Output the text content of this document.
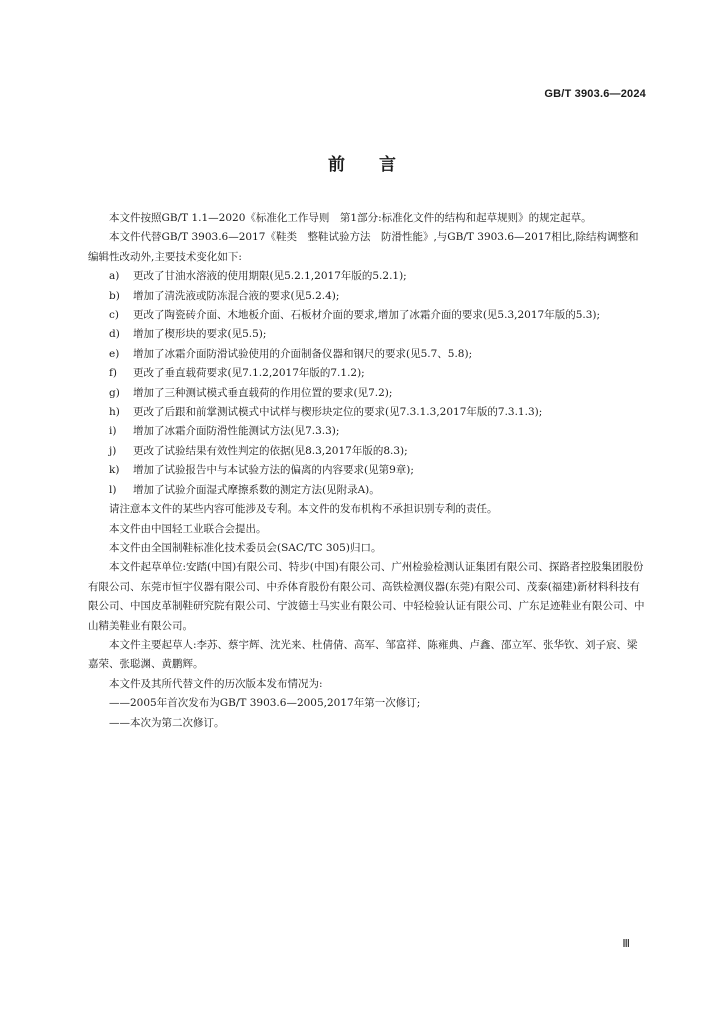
GB/T 3903.6—2024
前　　言

本文件按照GB/T 1.1—2020《标准化工作导则　第1部分:标准化文件的结构和起草规则》的规定起草。

本文件代替GB/T 3903.6—2017《鞋类　整鞋试验方法　防滑性能》,与GB/T 3903.6—2017相比,除结构调整和编辑性改动外,主要技术变化如下:

a)	更改了甘油水溶液的使用期限(见5.2.1,2017年版的5.2.1);
b)	增加了清洗液或防冻混合液的要求(见5.2.4);
c)	更改了陶瓷砖介面、木地板介面、石板材介面的要求,增加了冰霜介面的要求(见5.3,2017年版的5.3);
d)	增加了楔形块的要求(见5.5);
e)	增加了冰霜介面防滑试验使用的介面制备仪器和钢尺的要求(见5.7、5.8);
f)	更改了垂直载荷要求(见7.1.2,2017年版的7.1.2);
g)	增加了三种测试模式垂直载荷的作用位置的要求(见7.2);
h)	更改了后跟和前掌测试模式中试样与楔形块定位的要求(见7.3.1.3,2017年版的7.3.1.3);
i)	增加了冰霜介面防滑性能测试方法(见7.3.3);
j)	更改了试验结果有效性判定的依据(见8.3,2017年版的8.3);
k)	增加了试验报告中与本试验方法的偏离的内容要求(见第9章);
l)	增加了试验介面湿式摩擦系数的测定方法(见附录A)。

请注意本文件的某些内容可能涉及专利。本文件的发布机构不承担识别专利的责任。

本文件由中国轻工业联合会提出。

本文件由全国制鞋标准化技术委员会(SAC/TC 305)归口。

本文件起草单位:安踏(中国)有限公司、特步(中国)有限公司、广州检验检测认证集团有限公司、探路者控股集团股份有限公司、东莞市恒宇仪器有限公司、中乔体育股份有限公司、高铁检测仪器(东莞)有限公司、茂泰(福建)新材料科技有限公司、中国皮革制鞋研究院有限公司、宁波德士马实业有限公司、中轻检验认证有限公司、广东足迹鞋业有限公司、中山精美鞋业有限公司。

本文件主要起草人:李苏、蔡宇辉、沈光来、杜倩倩、高军、邹富祥、陈雍典、卢鑫、邵立军、张华钦、刘子宸、梁嘉荣、张聪渊、黄鹏辉。

本文件及其所代替文件的历次版本发布情况为:

——2005年首次发布为GB/T 3903.6—2005,2017年第一次修订;

——本次为第二次修订。

Ⅲ
